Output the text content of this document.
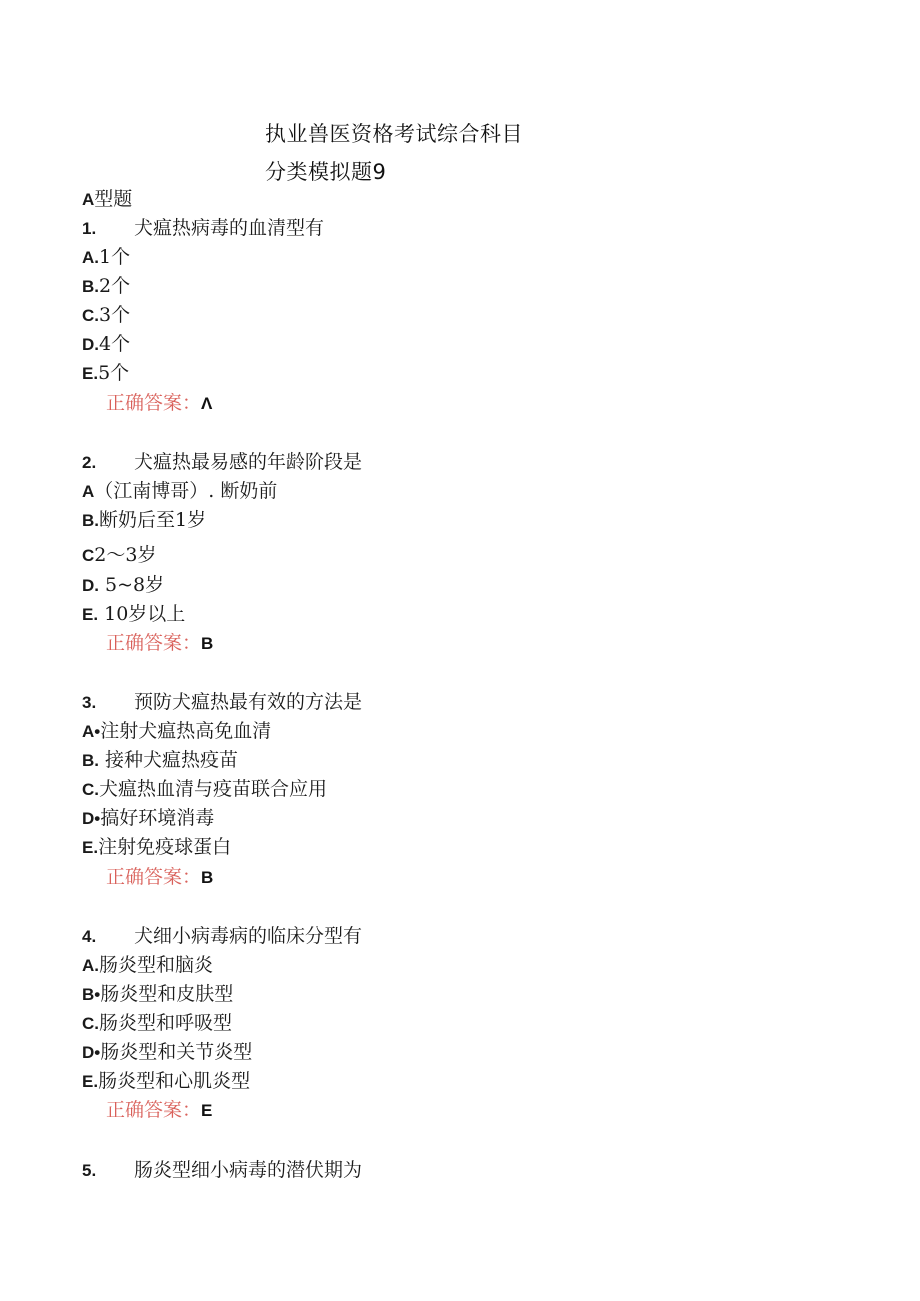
执业兽医资格考试综合科目
分类模拟题9
A型题
1. 犬瘟热病毒的血清型有
A.1个
B.2个
C.3个
D.4个
E.5个
正确答案：Λ
2. 犬瘟热最易感的年龄阶段是
A（江南博哥）. 断奶前
B.断奶后至1岁
C2〜3岁
D. 5~8岁
E. 10岁以上
正确答案：B
3. 预防犬瘟热最有效的方法是
A•注射犬瘟热高免血清
B. 接种犬瘟热疫苗
C.犬瘟热血清与疫苗联合应用
D•搞好环境消毒
E.注射免疫球蛋白
正确答案：B
4. 犬细小病毒病的临床分型有
A.肠炎型和脑炎
B•肠炎型和皮肤型
C.肠炎型和呼吸型
D•肠炎型和关节炎型
E.肠炎型和心肌炎型
正确答案：E
5. 肠炎型细小病毒的潜伏期为
